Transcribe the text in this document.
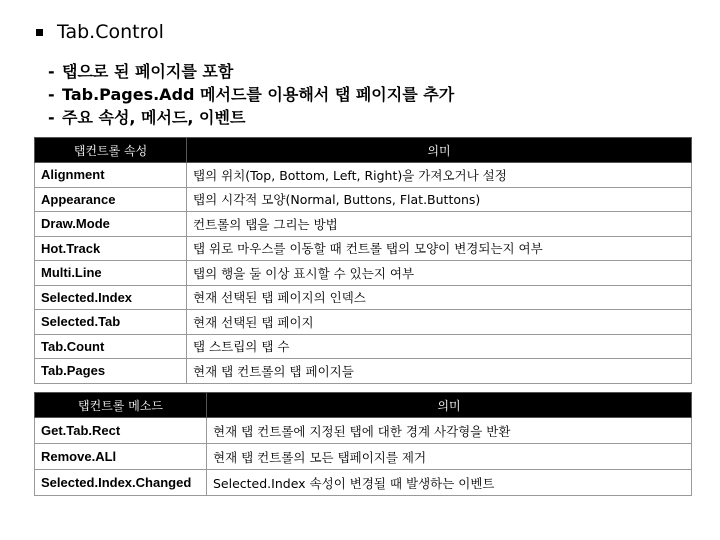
Tab.Control
- 탭으로 된 페이지를 포함
- Tab.Pages.Add 메서드를 이용해서 탭 페이지를 추가
- 주요 속성, 메서드, 이벤트
탭컨트롤 속성	의미
Alignment	탭의 위치(Top, Bottom, Left, Right)을 가져오거나 설정
Appearance	탭의 시각적 모양(Normal, Buttons, Flat.Buttons)
Draw.Mode	컨트롤의 탭을 그리는 방법
Hot.Track	탭 위로 마우스를 이동할 때 컨트롤 탭의 모양이 변경되는지 여부
Multi.Line	탭의 행을 둘 이상 표시할 수 있는지 여부
Selected.Index	현재 선택된 탭 페이지의 인덱스
Selected.Tab	현재 선택된 탭 페이지
Tab.Count	탭 스트립의 탭 수
Tab.Pages	현재 탭 컨트롤의 탭 페이지들
탭컨트롤 메소드	의미
Get.Tab.Rect	현재 탭 컨트롤에 지정된 탭에 대한 경계 사각형을 반환
Remove.ALl	현재 탭 컨트롤의 모든 탭페이지를 제거
Selected.Index.Changed	Selected.Index 속성이 변경될 때 발생하는 이벤트
